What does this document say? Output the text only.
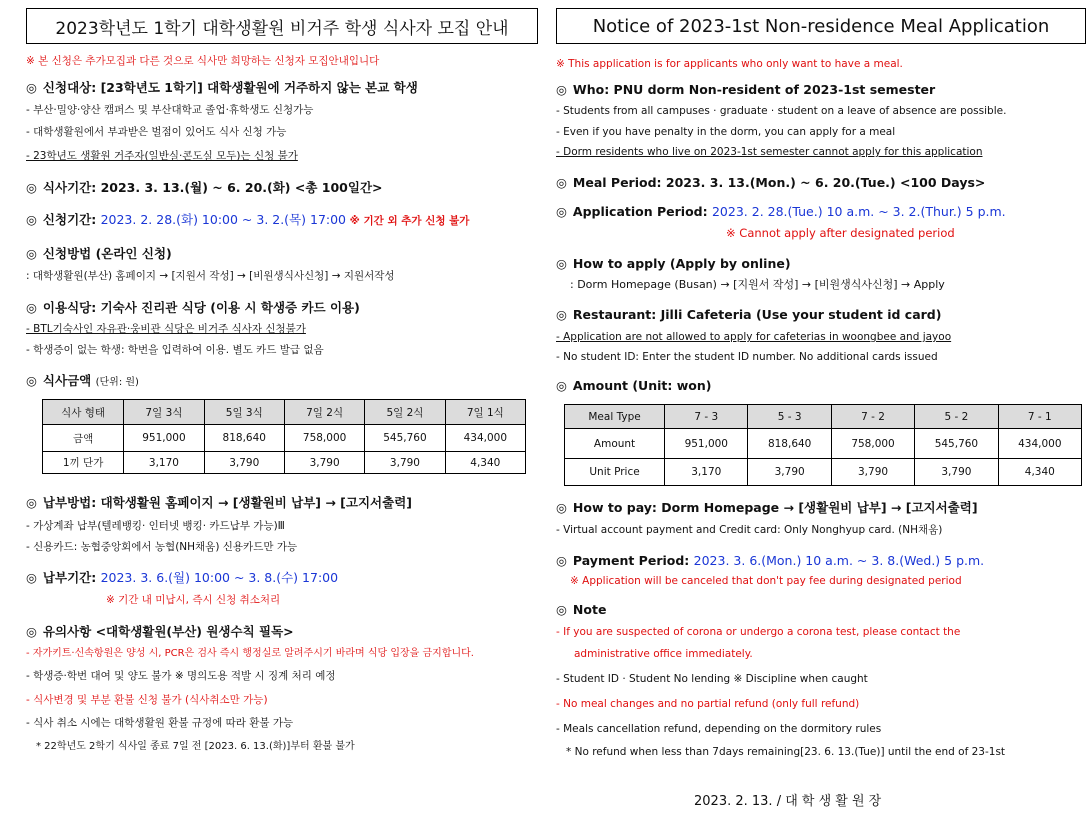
2023학년도 1학기 대학생활원 비거주 학생 식사자 모집 안내
※ 본 신청은 추가모집과 다른 것으로 식사만 희망하는 신청자 모집안내입니다
◎ 신청대상: [23학년도 1학기] 대학생활원에 거주하지 않는 본교 학생
- 부산·밀양·양산 캠퍼스 및 부산대학교 졸업·휴학생도 신청가능
- 대학생활원에서 부과받은 벌점이 있어도 식사 신청 가능
- 23학년도 생활원 거주자(일반실·콘도실 모두)는 신청 불가
◎ 식사기간: 2023. 3. 13.(월) ~ 6. 20.(화) <총 100일간>
◎ 신청기간: 2023. 2. 28.(화) 10:00 ~ 3. 2.(목) 17:00 ※ 기간 외 추가 신청 불가
◎ 신청방법 (온라인 신청)
: 대학생활원(부산) 홈페이지 → [지원서 작성] → [비원생식사신청] → 지원서작성
◎ 이용식당: 기숙사 진리관 식당 (이용 시 학생증 카드 이용)
- BTL기숙사인 자유관·웅비관 식당은 비거주 식사자 신청불가
- 학생증이 없는 학생: 학번을 입력하여 이용. 별도 카드 발급 없음
◎ 식사금액 (단위: 원)
식사 형태	7일 3식	5일 3식	7일 2식	5일 2식	7일 1식
금액	951,000	818,640	758,000	545,760	434,000
1끼 단가	3,170	3,790	3,790	3,790	4,340
◎ 납부방법: 대학생활원 홈페이지 → [생활원비 납부] → [고지서출력]
- 가상계좌 납부(텔레뱅킹· 인터넷 뱅킹· 카드납부 가능)Ⅲ
- 신용카드: 농협중앙회에서 농협(NH채움) 신용카드만 가능
◎ 납부기간: 2023. 3. 6.(월) 10:00 ~ 3. 8.(수) 17:00
※ 기간 내 미납시, 즉시 신청 취소처리
◎ 유의사항 <대학생활원(부산) 원생수칙 필독>
- 자가키트·신속항원은 양성 시, PCR은 검사 즉시 행정실로 알려주시기 바라며 식당 입장을 금지합니다.
- 학생증·학번 대여 및 양도 불가 ※ 명의도용 적발 시 징계 처리 예정
- 식사변경 및 부분 환불 신청 불가 (식사취소만 가능)
- 식사 취소 시에는 대학생활원 환불 규정에 따라 환불 가능
* 22학년도 2학기 식사일 종료 7일 전 [2023. 6. 13.(화)]부터 환불 불가
Notice of 2023-1st Non-residence Meal Application
※ This application is for applicants who only want to have a meal.
◎ Who: PNU dorm Non-resident of 2023-1st semester
- Students from all campuses · graduate · student on a leave of absence are possible.
- Even if you have penalty in the dorm, you can apply for a meal
- Dorm residents who live on 2023-1st semester cannot apply for this application
◎ Meal Period: 2023. 3. 13.(Mon.) ~ 6. 20.(Tue.) <100 Days>
◎ Application Period: 2023. 2. 28.(Tue.) 10 a.m. ~ 3. 2.(Thur.) 5 p.m.
※ Cannot apply after designated period
◎ How to apply (Apply by online)
: Dorm Homepage (Busan) → [지원서 작성] → [비원생식사신청] → Apply
◎ Restaurant: Jilli Cafeteria (Use your student id card)
- Application are not allowed to apply for cafeterias in woongbee and jayoo
- No student ID: Enter the student ID number. No additional cards issued
◎ Amount (Unit: won)
Meal Type	7 - 3	5 - 3	7 - 2	5 - 2	7 - 1
Amount	951,000	818,640	758,000	545,760	434,000
Unit Price	3,170	3,790	3,790	3,790	4,340
◎ How to pay: Dorm Homepage → [생활원비 납부] → [고지서출력]
- Virtual account payment and Credit card: Only Nonghyup card. (NH채움)
◎ Payment Period: 2023. 3. 6.(Mon.) 10 a.m. ~ 3. 8.(Wed.) 5 p.m.
※ Application will be canceled that don't pay fee during designated period
◎ Note
- If you are suspected of corona or undergo a corona test, please contact the
administrative office immediately.
- Student ID · Student No lending ※ Discipline when caught
- No meal changes and no partial refund (only full refund)
- Meals cancellation refund, depending on the dormitory rules
* No refund when less than 7days remaining[23. 6. 13.(Tue)] until the end of 23-1st
2023. 2. 13. / 대 학 생 활 원 장
